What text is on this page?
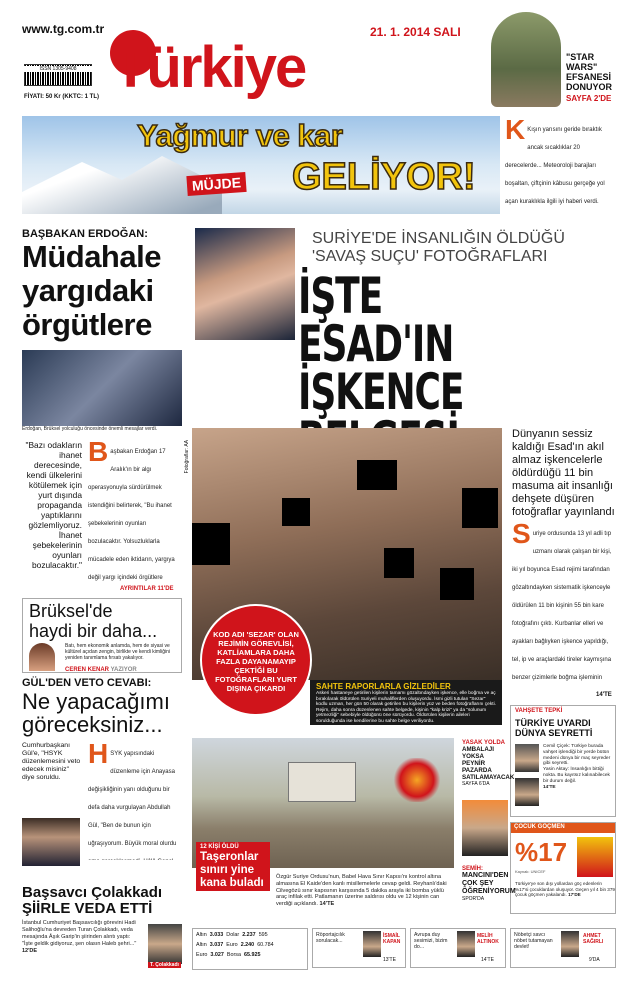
www.tg.com.tr
ISSN 1305-9408
FİYATI: 50 Kr (KKTC: 1 TL) Türkiye
21. 1. 2014 SALI
"STAR
WARS"
EFSANESİ
DONUYOR
SAYFA 2'DE
Yağmur ve kar
MÜJDE GELİYOR!
K Kışın yarısını geride bıraktık ancak sıcaklıklar 20 derecelerde... Meteoroloji barajları boşaltan, çiftçinin kâbusu gerçeğe yol açan kuraklıkla ilgili iyi haberi verdi.
BAŞBAKAN ERDOĞAN:
Müdahale
yargıdaki
örgütlere
Erdoğan, Brüksel yolculuğu öncesinde önemli mesajlar verdi.
"Bazı odakların ihanet derecesinde, kendi ülkelerini kötülemek için yurt dışında propaganda yaptıklarını gözlemliyoruz. İhanet şebekelerinin oyunları bozulacaktır."
Başbakan Erdoğan 17 Aralık'ın bir algı operasyonuyla sürdürülmek istendiğini belirterek, "Bu ihanet şebekelerinin oyunları bozulacaktır. Yolsuzluklarla mücadele eden iktidarın, yargıya değil yargı içindeki örgütlere
AYRINTILAR 11'DE
Brüksel'de
haydi bir daha...
Batı, hem ekonomik anlamda, hem de siyasi ve kültürel açıdan zengin, birlikte ve kendi kimliğini yeniden tanımlama fırsatı yakalıyor.
CEREN KENAR YAZIYOR
GÜL'DEN VETO CEVABI:
Ne yapacağımı
göreceksiniz...
Cumhurbaşkanı Gül'e, "HSYK düzenlemesini veto edecek misiniz" diye soruldu.
HSYK yapısındaki düzenleme için Anayasa değişikliğinin yanı olduğunu bir defa daha vurgulayan Abdullah Gül, "Ben de bunun için uğraşıyorum. Büyük moral olurdu
Başsavcı Çolakkadı
ŞİİRLE VEDA ETTİ
İstanbul Cumhuriyet Başsavcılığı görevini Hadi Salihoğlu'na devreden Turan Çolakkadı, veda mesajında Âşık Garip'in şiirinden alıntı yaptı: "İşte geldik gidiyoruz, şen olasın Haleb şehri..." 12'DE
T. Çolakkadı
SURİYE'DE İNSANLIĞIN ÖLDÜĞÜ
'SAVAŞ SUÇU' FOTOĞRAFLARI
İŞTE ESAD'IN
İŞKENCE
Fotoğraflar: AA
KOD ADI 'SEZAR' OLAN REJİMİN GÖREVLİSİ, KATLİAMLARA DAHA FAZLA DAYANAMAYIP ÇEKTİĞİ BU FOTOĞRAFLARI YURT DIŞINA ÇIKARDI	SAHTE RAPORLARLA GİZLEDİLER
Askeri hastaneye getirilen kişilerin tamamı gözaltındayken işkence, elle boğma ve aç bırakılarak öldürülen Suriyeli muhaliflerden oluşuyordu. İsmi gizli tutulan "Sezar" kodlu uzman, her gün 50 olarak getirilen bu kişilerin yüz ve beden fotoğraflarını çekti. Rejim, daha sonra düzenlenen sahte belgede, kişinin "kalp krizi" ya da "solunum yetmezliği" sebebiyle öldüğünü öne sürüyordu. Öldürülen kişilerin aileleri sorulduğunda ise kendilerine bu sahte belge veriliyordu.
Dünyanın sessiz kaldığı Esad'ın akıl almaz işkencelerle öldürdüğü 11 bin masuma ait insanlığı dehşete düşüren fotoğraflar yayınlandı
Suriye ordusunda 13 yıl adli tıp uzmanı olarak çalışan bir kişi, iki yıl boyunca Esad rejimi tarafından gözaltındayken sistematik işkenceyle öldürülen 11 bin kişinin 55 bin kare fotoğrafını çıktı. Kurbanlar elleri ve ayakları bağlıyken işkence yapıldığı, tel, ip ve araçlardaki tireler kaymışına benzer çizimlerle boğma işleminin
14'TE
VAHŞETE TEPKİ
TÜRKİYE UYARDI
DÜNYA SEYRETTİ
Cemil Çiçek: Türkiye burada vahşet işlendiği bir yerde bütün medeni dünya bir maç seyreder gibi seyretti.
Yasin Aktay: İnsanlığın bittiği nokta. Bu kayıtsız kalınabilecek bir durum değil.
14'TE
ÇOCUK GÖÇMEN
%17
Kaynak: UNICEF
Türkiye'ye son dışı yollardan göç edenlerin %17'si çocuklardan oluşuyor. Geçen yıl 4 bin 379 çocuk göçmen yakalandı. 17'DE
12 KİŞİ ÖLDÜ
Taşeronlar
sınırı yine
kana buladı	Özgür Suriye Ordusu'nun, Babel Hava Sınır Kapısı'nı kontrol altına almasına El Kaide'den kanlı misillemelerle cevap geldi. Reyhanlı'daki Cilvegözü sınır kapısının karşısında 5 dakika arayla iki bomba yüklü araç infilak etti. Patlamanın üzerine saldırısı oldu ve 12 kişinin can verdiği açıklandı. 14'TE
YASAK YOLDA
AMBALAJI YOKSA
PEYNİR PAZARDA
SATILAMAYACAK
SAYFA 6'DA
SEMİH:
MANCINI'DEN
ÇOK ŞEY
ÖĞRENİYORUM
SPOR'DA
Altın 3.033 Dolar 2.237 595
Altın 3.037 Euro 2.240 60.784
Euro 3.027 Borsa 65.925
Röportajcılık sorulacak...
İSMAİL KAPAN
13'TE
Avrupa duy sesimizi, bizim do...
MELİH ALTINOK
14'TE
Nöbetçi savcı nöbet tutamayan devlet!
AHMET SAĞIRLI
9'DA
